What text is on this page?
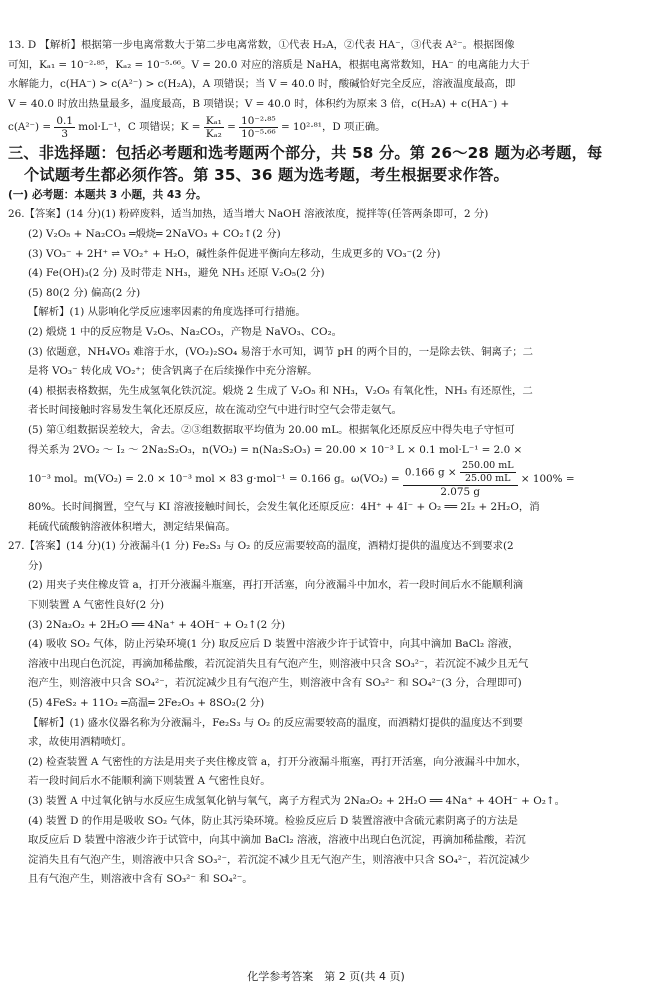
13. D 【解析】根据第一步电离常数大于第二步电离常数，①代表 H₂A，②代表 HA⁻，③代表 A²⁻。根据图像
可知，Kₐ₁ = 10⁻²·⁸⁵，Kₐ₂ = 10⁻⁵·⁶⁶。V = 20.0 对应的溶质是 NaHA，根据电离常数知，HA⁻ 的电离能力大于
水解能力，c(HA⁻) > c(A²⁻) > c(H₂A)，A 项错误；当 V = 40.0 时，酸碱恰好完全反应，溶液温度最高，即
V = 40.0 时放出热量最多，温度最高，B 项错误；V = 40.0 时，体积约为原来 3 倍，c(H₂A) + c(HA⁻) +
$c(A^{2-}) = \frac{0.1}{3} mol\cdot L^{-1}$，C 项错误；$K = \frac{\text{Kₐ₁}}{\text{Kₐ₂}} = \frac{\text{10⁻²·⁸⁵}}{\text{10⁻⁵·⁶⁶}} = 10^2\cdot^{81}$，D 项正确。
三、非选择题：包括必考题和选考题两个部分，共 58 分。第 26～28 题为必考题，每
个试题考生都必须作答。第 35、36 题为选考题，考生根据要求作答。
(一) 必考题：本题共 3 小题，共 43 分。
26.【答案】(14 分)(1) 粉碎废料，适当加热，适当增大 NaOH 溶液浓度，搅拌等(任答两条即可，2 分)
(2) V₂O₅ + Na₂CO₃ ═煅烧═ 2NaVO₃ + CO₂↑(2 分)
(3) VO₃⁻ + 2H⁺ ⇌ VO₂⁺ + H₂O，碱性条件促进平衡向左移动，生成更多的 VO₃⁻(2 分)
(4) Fe(OH)₃(2 分) 及时带走 NH₃，避免 NH₃ 还原 V₂O₅(2 分)
(5) 80(2 分) 偏高(2 分)
【解析】(1) 从影响化学反应速率因素的角度选择可行措施。
(2) 煅烧 1 中的反应物是 V₂O₅、Na₂CO₃，产物是 NaVO₃、CO₂。
(3) 依题意，NH₄VO₃ 难溶于水，(VO₂)₂SO₄ 易溶于水可知，调节 pH 的两个目的，一是除去铁、铜离子；二
是将 VO₃⁻ 转化成 VO₂⁺；使含钒离子在后续操作中充分溶解。
(4) 根据表格数据，先生成氢氧化铁沉淀。煅烧 2 生成了 V₂O₅ 和 NH₃，V₂O₅ 有氧化性，NH₃ 有还原性，二
者长时间接触时容易发生氧化还原反应，故在流动空气中进行时空气会带走氨气。
(5) 第①组数据误差较大，舍去。②③组数据取平均值为 20.00 mL。根据氧化还原反应中得失电子守恒可
得关系为 2VO₂ ～ I₂ ～ 2Na₂S₂O₃，n(VO₂) = n(Na₂S₂O₃) = 20.00 × 10⁻³ L × 0.1 mol·L⁻¹ = 2.0 ×
10⁻³ mol。m(VO₂) = 2.0 × 10⁻³ mol × 83 g·mol⁻¹ = 0.166 g。ω(VO₂) =
0.166 $g \times \frac{250.00 mL}{25.00 mL}$
2.075 g
× 100% =
80%。长时间搁置，空气与 KI 溶液接触时间长，会发生氧化还原反应：4H⁺ + 4I⁻ + O₂ ══ 2I₂ + 2H₂O，消
耗硫代硫酸钠溶液体积增大，测定结果偏高。
27.【答案】(14 分)(1) 分液漏斗(1 分) Fe₂S₃ 与 O₂ 的反应需要较高的温度，酒精灯提供的温度达不到要求(2
分)
(2) 用夹子夹住橡皮管 a，打开分液漏斗瓶塞，再打开活塞，向分液漏斗中加水，若一段时间后水不能顺利滴
下则装置 A 气密性良好(2 分)
(3) 2Na₂O₂ + 2H₂O ══ 4Na⁺ + 4OH⁻ + O₂↑(2 分)
(4) 吸收 SO₂ 气体，防止污染环境(1 分) 取反应后 D 装置中溶液少许于试管中，向其中滴加 BaCl₂ 溶液，
溶液中出现白色沉淀，再滴加稀盐酸，若沉淀消失且有气泡产生，则溶液中只含 SO₃²⁻，若沉淀不减少且无气
泡产生，则溶液中只含 SO₄²⁻，若沉淀减少且有气泡产生，则溶液中含有 SO₃²⁻ 和 SO₄²⁻(3 分，合理即可)
(5) 4FeS₂ + 11O₂ ═高温═ 2Fe₂O₃ + 8SO₂(2 分)
【解析】(1) 盛水仪器名称为分液漏斗，Fe₂S₃ 与 O₂ 的反应需要较高的温度，而酒精灯提供的温度达不到要
求，故使用酒精喷灯。
(2) 检查装置 A 气密性的方法是用夹子夹住橡皮管 a，打开分液漏斗瓶塞，再打开活塞，向分液漏斗中加水，
若一段时间后水不能顺利滴下则装置 A 气密性良好。
(3) 装置 A 中过氧化钠与水反应生成氢氧化钠与氧气，离子方程式为 2Na₂O₂ + 2H₂O ══ 4Na⁺ + 4OH⁻ + O₂↑。
(4) 装置 D 的作用是吸收 SO₂ 气体，防止其污染环境。检验反应后 D 装置溶液中含硫元素阴离子的方法是
取反应后 D 装置中溶液少许于试管中，向其中滴加 BaCl₂ 溶液，溶液中出现白色沉淀，再滴加稀盐酸，若沉
淀消失且有气泡产生，则溶液中只含 SO₃²⁻，若沉淀不减少且无气泡产生，则溶液中只含 SO₄²⁻，若沉淀减少
且有气泡产生，则溶液中含有 SO₃²⁻ 和 SO₄²⁻。
化学参考答案　第 2 页(共 4 页)
